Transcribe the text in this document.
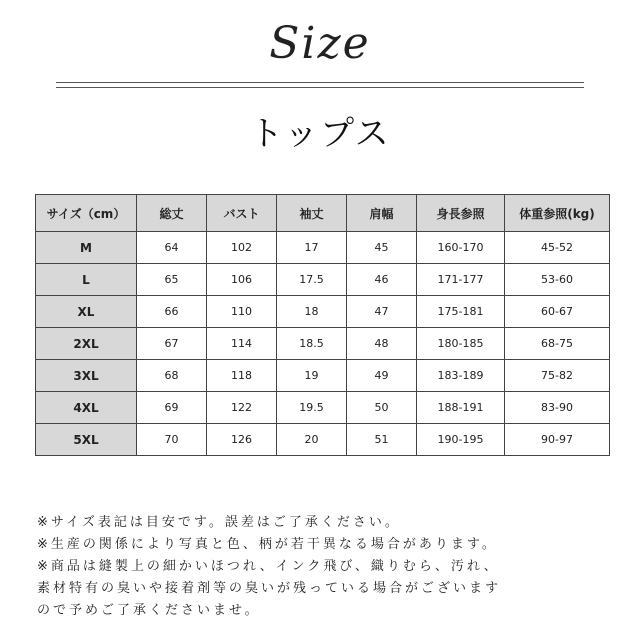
Size
トップス
サイズ（cm）	総丈	バスト	袖丈	肩幅	身長参照	体重参照(kg)
M	64	102	17	45	160-170	45-52
L	65	106	17.5	46	171-177	53-60
XL	66	110	18	47	175-181	60-67
2XL	67	114	18.5	48	180-185	68-75
3XL	68	118	19	49	183-189	75-82
4XL	69	122	19.5	50	188-191	83-90
5XL	70	126	20	51	190-195	90-97
※サイズ表記は目安です。誤差はご了承ください。
※生産の関係により写真と色、柄が若干異なる場合があります。
※商品は縫製上の細かいほつれ、インク飛び、織りむら、汚れ、
素材特有の臭いや接着剤等の臭いが残っている場合がございます
ので予めご了承くださいませ。
